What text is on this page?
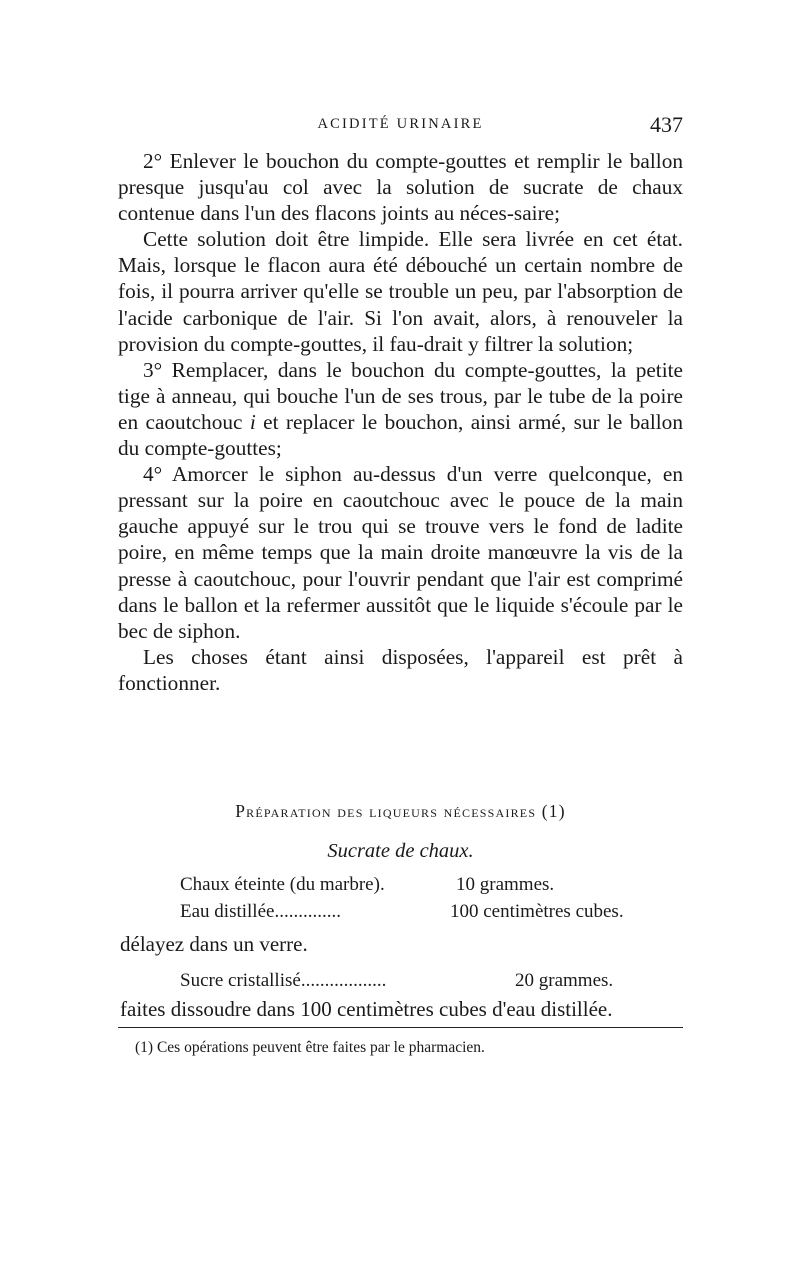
ACIDITÉ URINAIRE	437

2° Enlever le bouchon du compte-gouttes et remplir le ballon presque jusqu'au col avec la solution de sucrate de chaux contenue dans l'un des flacons joints au néces-saire;

Cette solution doit être limpide. Elle sera livrée en cet état. Mais, lorsque le flacon aura été débouché un certain nombre de fois, il pourra arriver qu'elle se trouble un peu, par l'absorption de l'acide carbonique de l'air. Si l'on avait, alors, à renouveler la provision du compte-gouttes, il fau-drait y filtrer la solution;

3° Remplacer, dans le bouchon du compte-gouttes, la petite tige à anneau, qui bouche l'un de ses trous, par le tube de la poire en caoutchouc i et replacer le bouchon, ainsi armé, sur le ballon du compte-gouttes;

4° Amorcer le siphon au-dessus d'un verre quelconque, en pressant sur la poire en caoutchouc avec le pouce de la main gauche appuyé sur le trou qui se trouve vers le fond de ladite poire, en même temps que la main droite manœuvre la vis de la presse à caoutchouc, pour l'ouvrir pendant que l'air est comprimé dans le ballon et la refermer aussitôt que le liquide s'écoule par le bec de siphon.

Les choses étant ainsi disposées, l'appareil est prêt à fonctionner.

Préparation des liqueurs nécessaires (1)

Sucrate de chaux.

Chaux éteinte (du marbre).	10 grammes.
Eau distillée..............	100 centimètres cubes.
délayez dans un verre.
Sucre cristallisé..................	20 grammes.
faites dissoudre dans 100 centimètres cubes d'eau distillée.
(1) Ces opérations peuvent être faites par le pharmacien.
